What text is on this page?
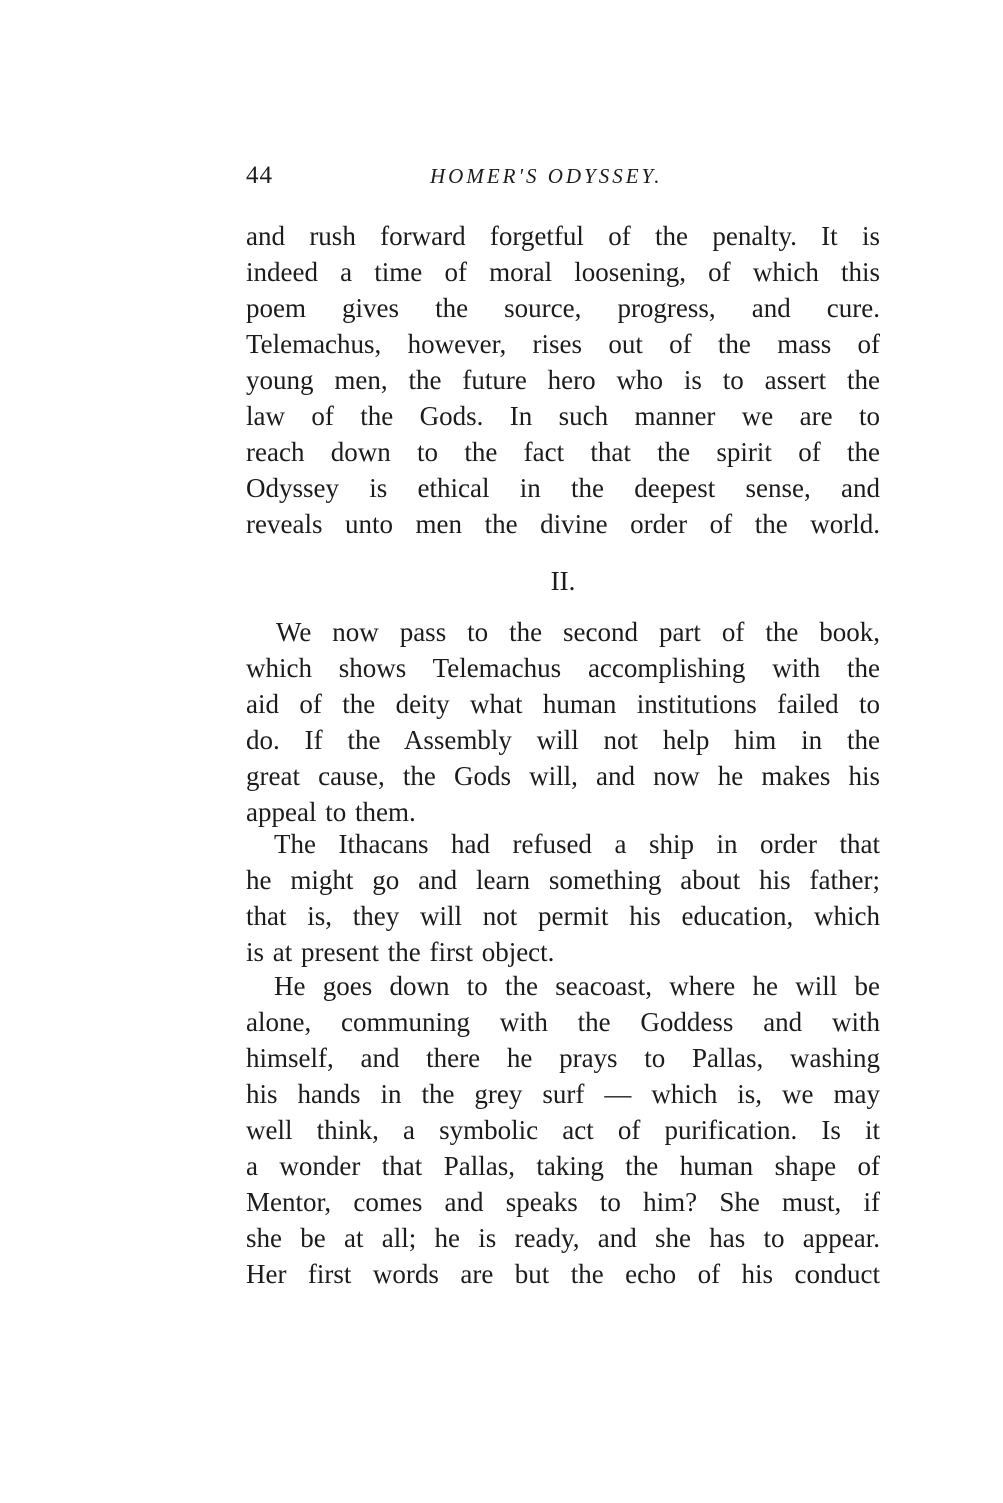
44	HOMER'S ODYSSEY.
and rush forward forgetful of the penalty. It is
indeed a time of moral loosening, of which this
poem gives the source, progress, and cure.
Telemachus, however, rises out of the mass of
young men, the future hero who is to assert the
law of the Gods. In such manner we are to
reach down to the fact that the spirit of the
Odyssey is ethical in the deepest sense, and
reveals unto men the divine order of the world.
II.
We now pass to the second part of the book,
which shows Telemachus accomplishing with the
aid of the deity what human institutions failed to
do. If the Assembly will not help him in the
great cause, the Gods will, and now he makes his
appeal to them.
The Ithacans had refused a ship in order that
he might go and learn something about his father;
that is, they will not permit his education, which
is at present the first object.
He goes down to the seacoast, where he will be
alone, communing with the Goddess and with
himself, and there he prays to Pallas, washing
his hands in the grey surf — which is, we may
well think, a symbolic act of purification. Is it
a wonder that Pallas, taking the human shape of
Mentor, comes and speaks to him? She must, if
she be at all; he is ready, and she has to appear.
Her first words are but the echo of his conduct
